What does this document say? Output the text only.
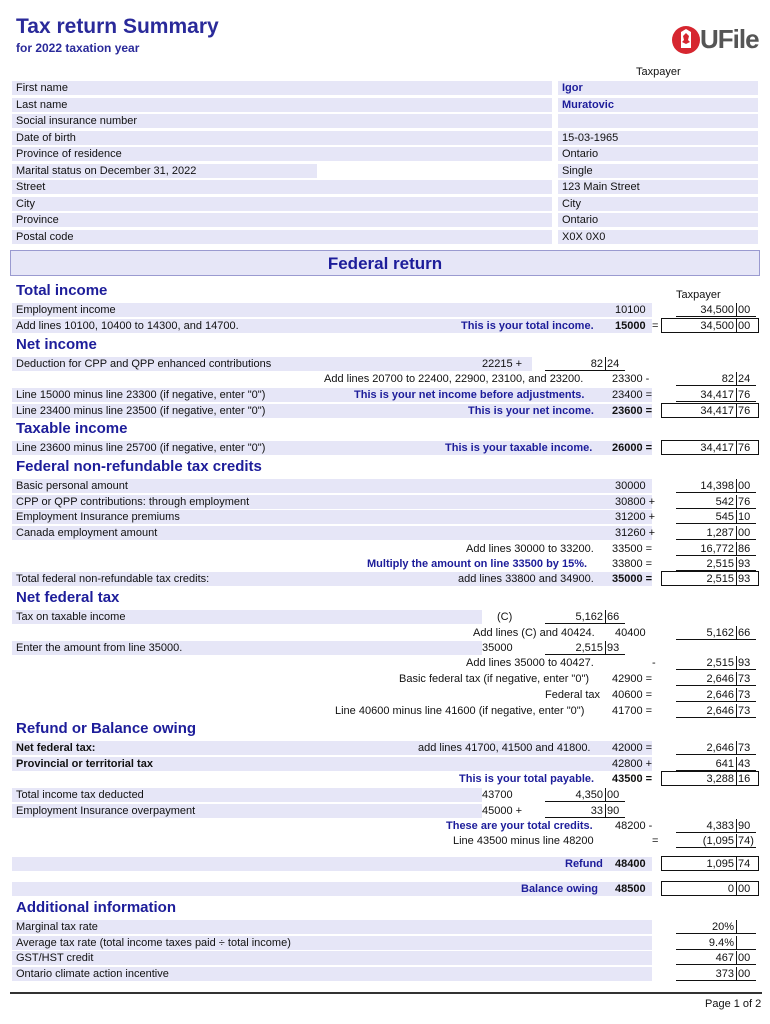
Tax return Summary
for 2022 taxation year	UFile
Taxpayer
First name	Igor
Last name	Muratovic
Social insurance number
Date of birth	15-03-1965
Province of residence	Ontario
Marital status on December 31, 2022	Single
Street	123 Main Street
City	City
Province	Ontario
Postal code	X0X 0X0
Federal return
Total income	Taxpayer
Employment income	10100	34,500 00
Add lines 10100, 10400 to 14300, and 14700.	This is your total income. 15000 =	34,500 00
Net income
Deduction for CPP and QPP enhanced contributions	22215 +	82 24
Add lines 20700 to 22400, 22900, 23100, and 23200.	23300 -	82 24
Line 15000 minus line 23300 (if negative, enter "0")	This is your net income before adjustments.	23400 =	34,417 76
Line 23400 minus line 23500 (if negative, enter "0")	This is your net income. 23600 =	34,417 76
Taxable income
Line 23600 minus line 25700 (if negative, enter "0")	This is your taxable income. 26000 =	34,417 76
Federal non-refundable tax credits
Basic personal amount	30000	14,398 00
CPP or QPP contributions: through employment	30800 +	542 76
Employment Insurance premiums	31200 +	545 10
Canada employment amount	31260 +	1,287 00
Add lines 30000 to 33200. 33500 =	16,772 86
Multiply the amount on line 33500 by 15%. 33800 =	2,515 93
Total federal non-refundable tax credits:	add lines 33800 and 34900. 35000 =	2,515 93
Net federal tax
Tax on taxable income	(C)	5,162 66
Add lines (C) and 40424. 40400	5,162 66
Enter the amount from line 35000.	35000	2,515 93
Add lines 35000 to 40427.	-	2,515 93
Basic federal tax (if negative, enter "0") 42900 =	2,646 73
Federal tax 40600 =	2,646 73
Line 40600 minus line 41600 (if negative, enter "0")	41700 =	2,646 73
Refund or Balance owing
Net federal tax:	add lines 41700, 41500 and 41800. 42000 =	2,646 73
Provincial or territorial tax	42800 +	641 43
This is your total payable. 43500 =	3,288 16
Total income tax deducted	43700	4,350 00
Employment Insurance overpayment	45000 +	33 90
These are your total credits. 48200 -	4,383 90
Line 43500 minus line 48200	=	(1,095 74)
Refund 48400	1,095 74
Balance owing 48500	0 00
Additional information
Marginal tax rate	20%
Average tax rate (total income taxes paid ÷ total income)	9.4%
GST/HST credit	467 00
Ontario climate action incentive	373 00
Page 1 of 2
